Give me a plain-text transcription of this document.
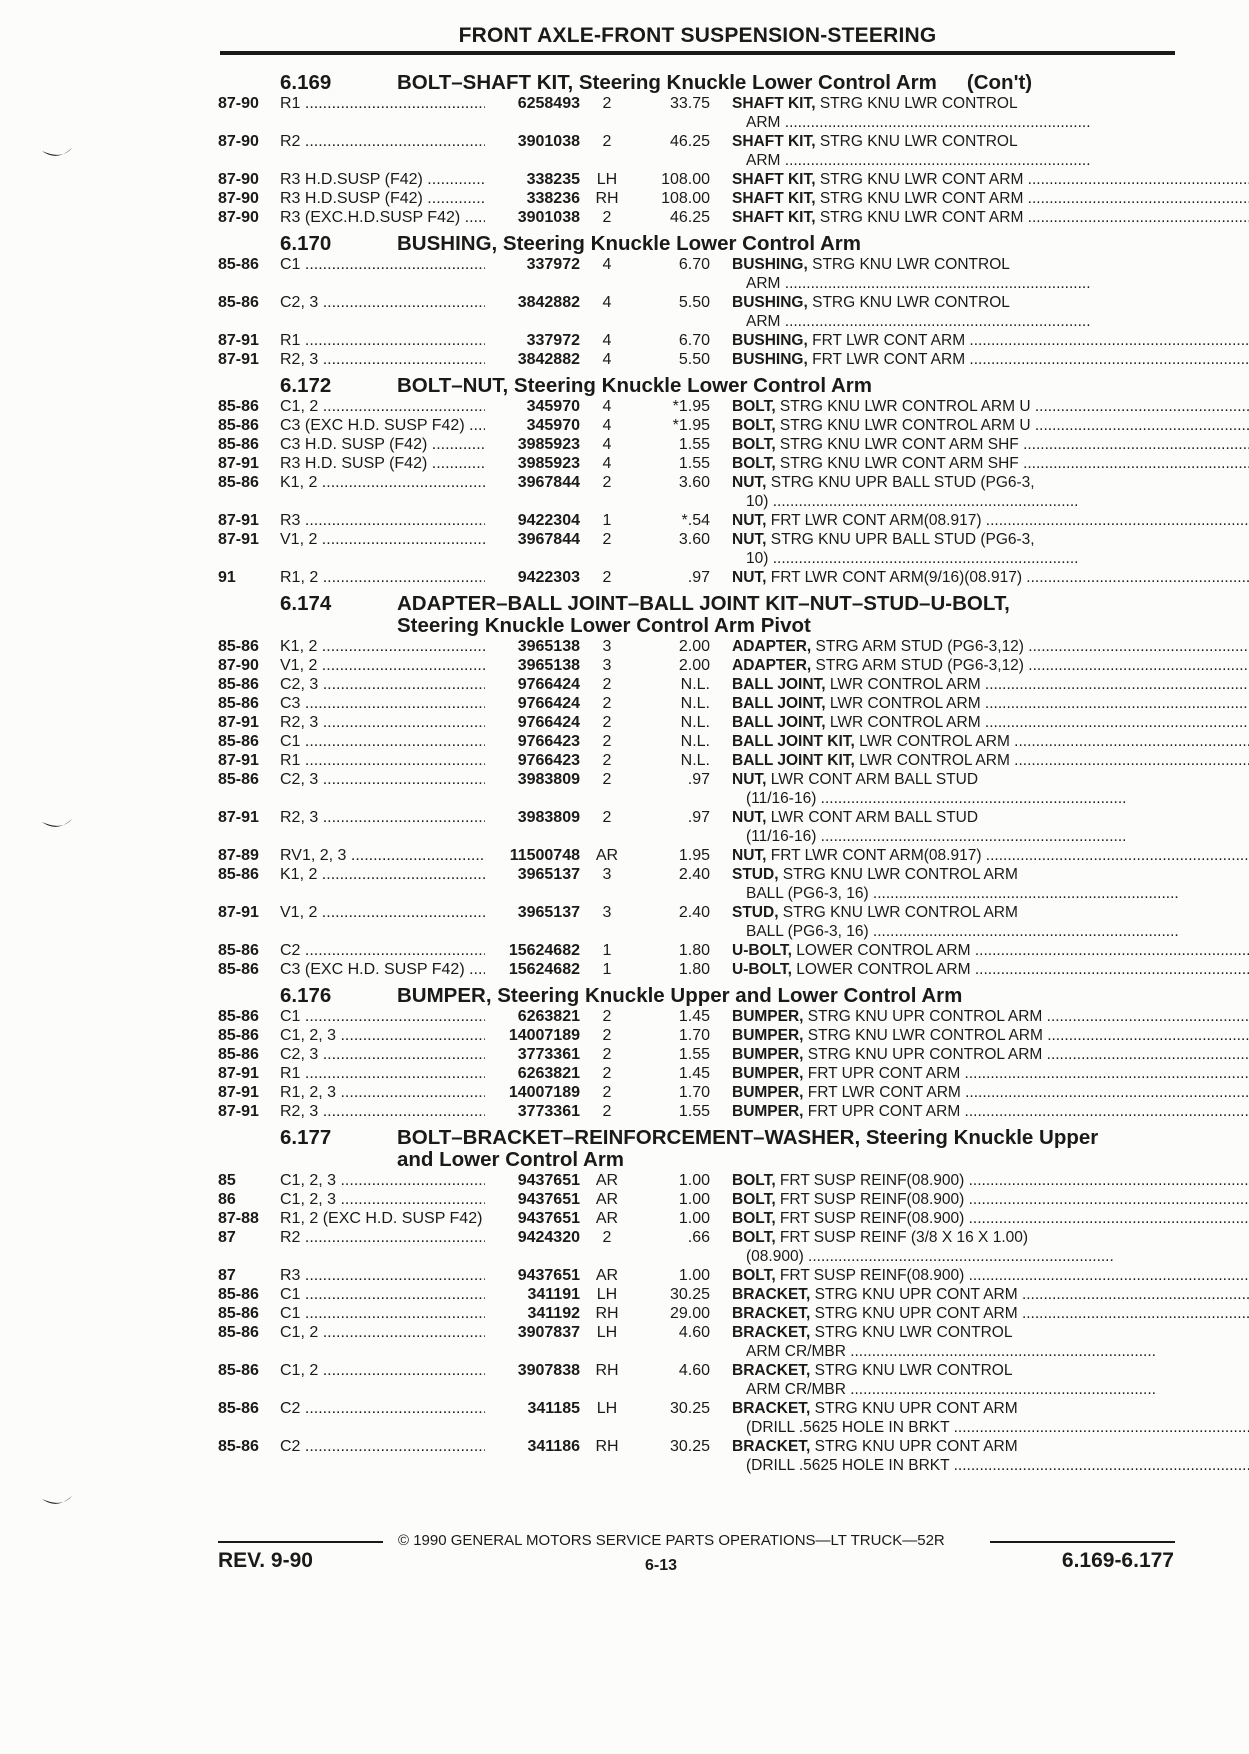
FRONT AXLE-FRONT SUSPENSION-STEERING
6.169	BOLT–SHAFT KIT, Steering Knuckle Lower Control Arm (Con't)
87-90	R1 .....	6258493	2	33.75 SHAFT KIT, STRG KNU LWR CONTROL
ARM .....
87-90	R2 .....	3901038	2	46.25 SHAFT KIT, STRG KNU LWR CONTROL
ARM .....
87-90	R3 H.D.SUSP (F42) .....	338235	LH	108.00 SHAFT KIT, STRG KNU LWR CONT ARM .....
87-90	R3 H.D.SUSP (F42) .....	338236 RH	108.00 SHAFT KIT, STRG KNU LWR CONT ARM .....
87-90	R3 (EXC.H.D.SUSP F42) .....	3901038	2	46.25 SHAFT KIT, STRG KNU LWR CONT ARM .....
6.170	BUSHING, Steering Knuckle Lower Control Arm
85-86	C1 .....	337972	4	6.70 BUSHING, STRG KNU LWR CONTROL
ARM .....
85-86	C2, 3 .....	3842882	4	5.50 BUSHING, STRG KNU LWR CONTROL
ARM .....
87-91	R1 .....	337972	4	6.70 BUSHING, FRT LWR CONT ARM .....
87-91	R2, 3 .....	3842882	4	5.50 BUSHING, FRT LWR CONT ARM .....
6.172	BOLT–NUT, Steering Knuckle Lower Control Arm
85-86	C1, 2 .....	345970	4	*1.95 BOLT, STRG KNU LWR CONTROL ARM U .....
85-86	C3 (EXC H.D. SUSP F42) .....	345970	4	*1.95 BOLT, STRG KNU LWR CONTROL ARM U .....
85-86	C3 H.D. SUSP (F42) .....	3985923	4	1.55 BOLT, STRG KNU LWR CONT ARM SHF .....
87-91	R3 H.D. SUSP (F42) .....	3985923	4	1.55 BOLT, STRG KNU LWR CONT ARM SHF .....
85-86	K1, 2 .....	3967844	2	3.60 NUT, STRG KNU UPR BALL STUD (PG6-3,
10) .....
87-91	R3 .....	9422304	1	*.54 NUT, FRT LWR CONT ARM(08.917) .....
87-91	V1, 2 .....	3967844	2	3.60 NUT, STRG KNU UPR BALL STUD (PG6-3,
10) .....
91	R1, 2 .....	9422303	2	.97 NUT, FRT LWR CONT ARM(9/16)(08.917) .....
6.174	ADAPTER–BALL JOINT–BALL JOINT KIT–NUT–STUD–U-BOLT,
Steering Knuckle Lower Control Arm Pivot
85-86	K1, 2 .....	3965138	3	2.00 ADAPTER, STRG ARM STUD (PG6-3,12) .....
87-90	V1, 2 .....	3965138	3	2.00 ADAPTER, STRG ARM STUD (PG6-3,12) .....
85-86	C2, 3 .....	9766424	2	N.L. BALL JOINT, LWR CONTROL ARM .....
85-86	C3 .....	9766424	2	N.L. BALL JOINT, LWR CONTROL ARM .....
87-91	R2, 3 .....	9766424	2	N.L. BALL JOINT, LWR CONTROL ARM .....
85-86	C1 .....	9766423	2	N.L. BALL JOINT KIT, LWR CONTROL ARM .....
87-91	R1 .....	9766423	2	N.L. BALL JOINT KIT, LWR CONTROL ARM .....
85-86	C2, 3 .....	3983809	2	.97 NUT, LWR CONT ARM BALL STUD
(11/16-16) .....
87-91	R2, 3 .....	3983809	2	.97 NUT, LWR CONT ARM BALL STUD
(11/16-16) .....
87-89	RV1, 2, 3 .....	11500748 AR	1.95 NUT, FRT LWR CONT ARM(08.917) .....
85-86	K1, 2 .....	3965137	3	2.40 STUD, STRG KNU LWR CONTROL ARM
BALL (PG6-3, 16) .....
87-91	V1, 2 .....	3965137	3	2.40 STUD, STRG KNU LWR CONTROL ARM
BALL (PG6-3, 16) .....
85-86	C2 .....	15624682	1	1.80 U-BOLT, LOWER CONTROL ARM .....
85-86	C3 (EXC H.D. SUSP F42) .....	15624682	1	1.80 U-BOLT, LOWER CONTROL ARM .....
6.176	BUMPER, Steering Knuckle Upper and Lower Control Arm
85-86	C1 .....	6263821	2	1.45 BUMPER, STRG KNU UPR CONTROL ARM .....
85-86	C1, 2, 3 .....	14007189	2	1.70 BUMPER, STRG KNU LWR CONTROL ARM .....
85-86	C2, 3 .....	3773361	2	1.55 BUMPER, STRG KNU UPR CONTROL ARM .....
87-91	R1 .....	6263821	2	1.45 BUMPER, FRT UPR CONT ARM .....
87-91	R1, 2, 3 .....	14007189	2	1.70 BUMPER, FRT LWR CONT ARM .....
87-91	R2, 3 .....	3773361	2	1.55 BUMPER, FRT UPR CONT ARM .....
6.177	BOLT–BRACKET–REINFORCEMENT–WASHER, Steering Knuckle Upper
and Lower Control Arm
85	C1, 2, 3 .....	9437651 AR	1.00 BOLT, FRT SUSP REINF(08.900) .....
86	C1, 2, 3 .....	9437651 AR	1.00 BOLT, FRT SUSP REINF(08.900) .....
87-88	R1, 2 (EXC H.D. SUSP F42) .....	9437651 AR	1.00 BOLT, FRT SUSP REINF(08.900) .....
87	R2 .....	9424320	2	.66 BOLT, FRT SUSP REINF (3/8 X 16 X 1.00)
(08.900) .....
87	R3 .....	9437651 AR	1.00 BOLT, FRT SUSP REINF(08.900) .....
85-86	C1 .....	341191	LH	30.25 BRACKET, STRG KNU UPR CONT ARM .....
85-86	C1 .....	341192 RH	29.00 BRACKET, STRG KNU UPR CONT ARM .....
85-86	C1, 2 .....	3907837	LH	4.60 BRACKET, STRG KNU LWR CONTROL
ARM CR/MBR .....
85-86	C1, 2 .....	3907838 RH	4.60 BRACKET, STRG KNU LWR CONTROL
ARM CR/MBR .....
85-86	C2 .....	341185	LH	30.25 BRACKET, STRG KNU UPR CONT ARM
(DRILL .5625 HOLE IN BRKT .....
85-86	C2 .....	341186 RH	30.25 BRACKET, STRG KNU UPR CONT ARM
(DRILL .5625 HOLE IN BRKT .....
© 1990 GENERAL MOTORS SERVICE PARTS OPERATIONS—LT TRUCK—52R
REV. 9-90	6-13	6.169-6.177
